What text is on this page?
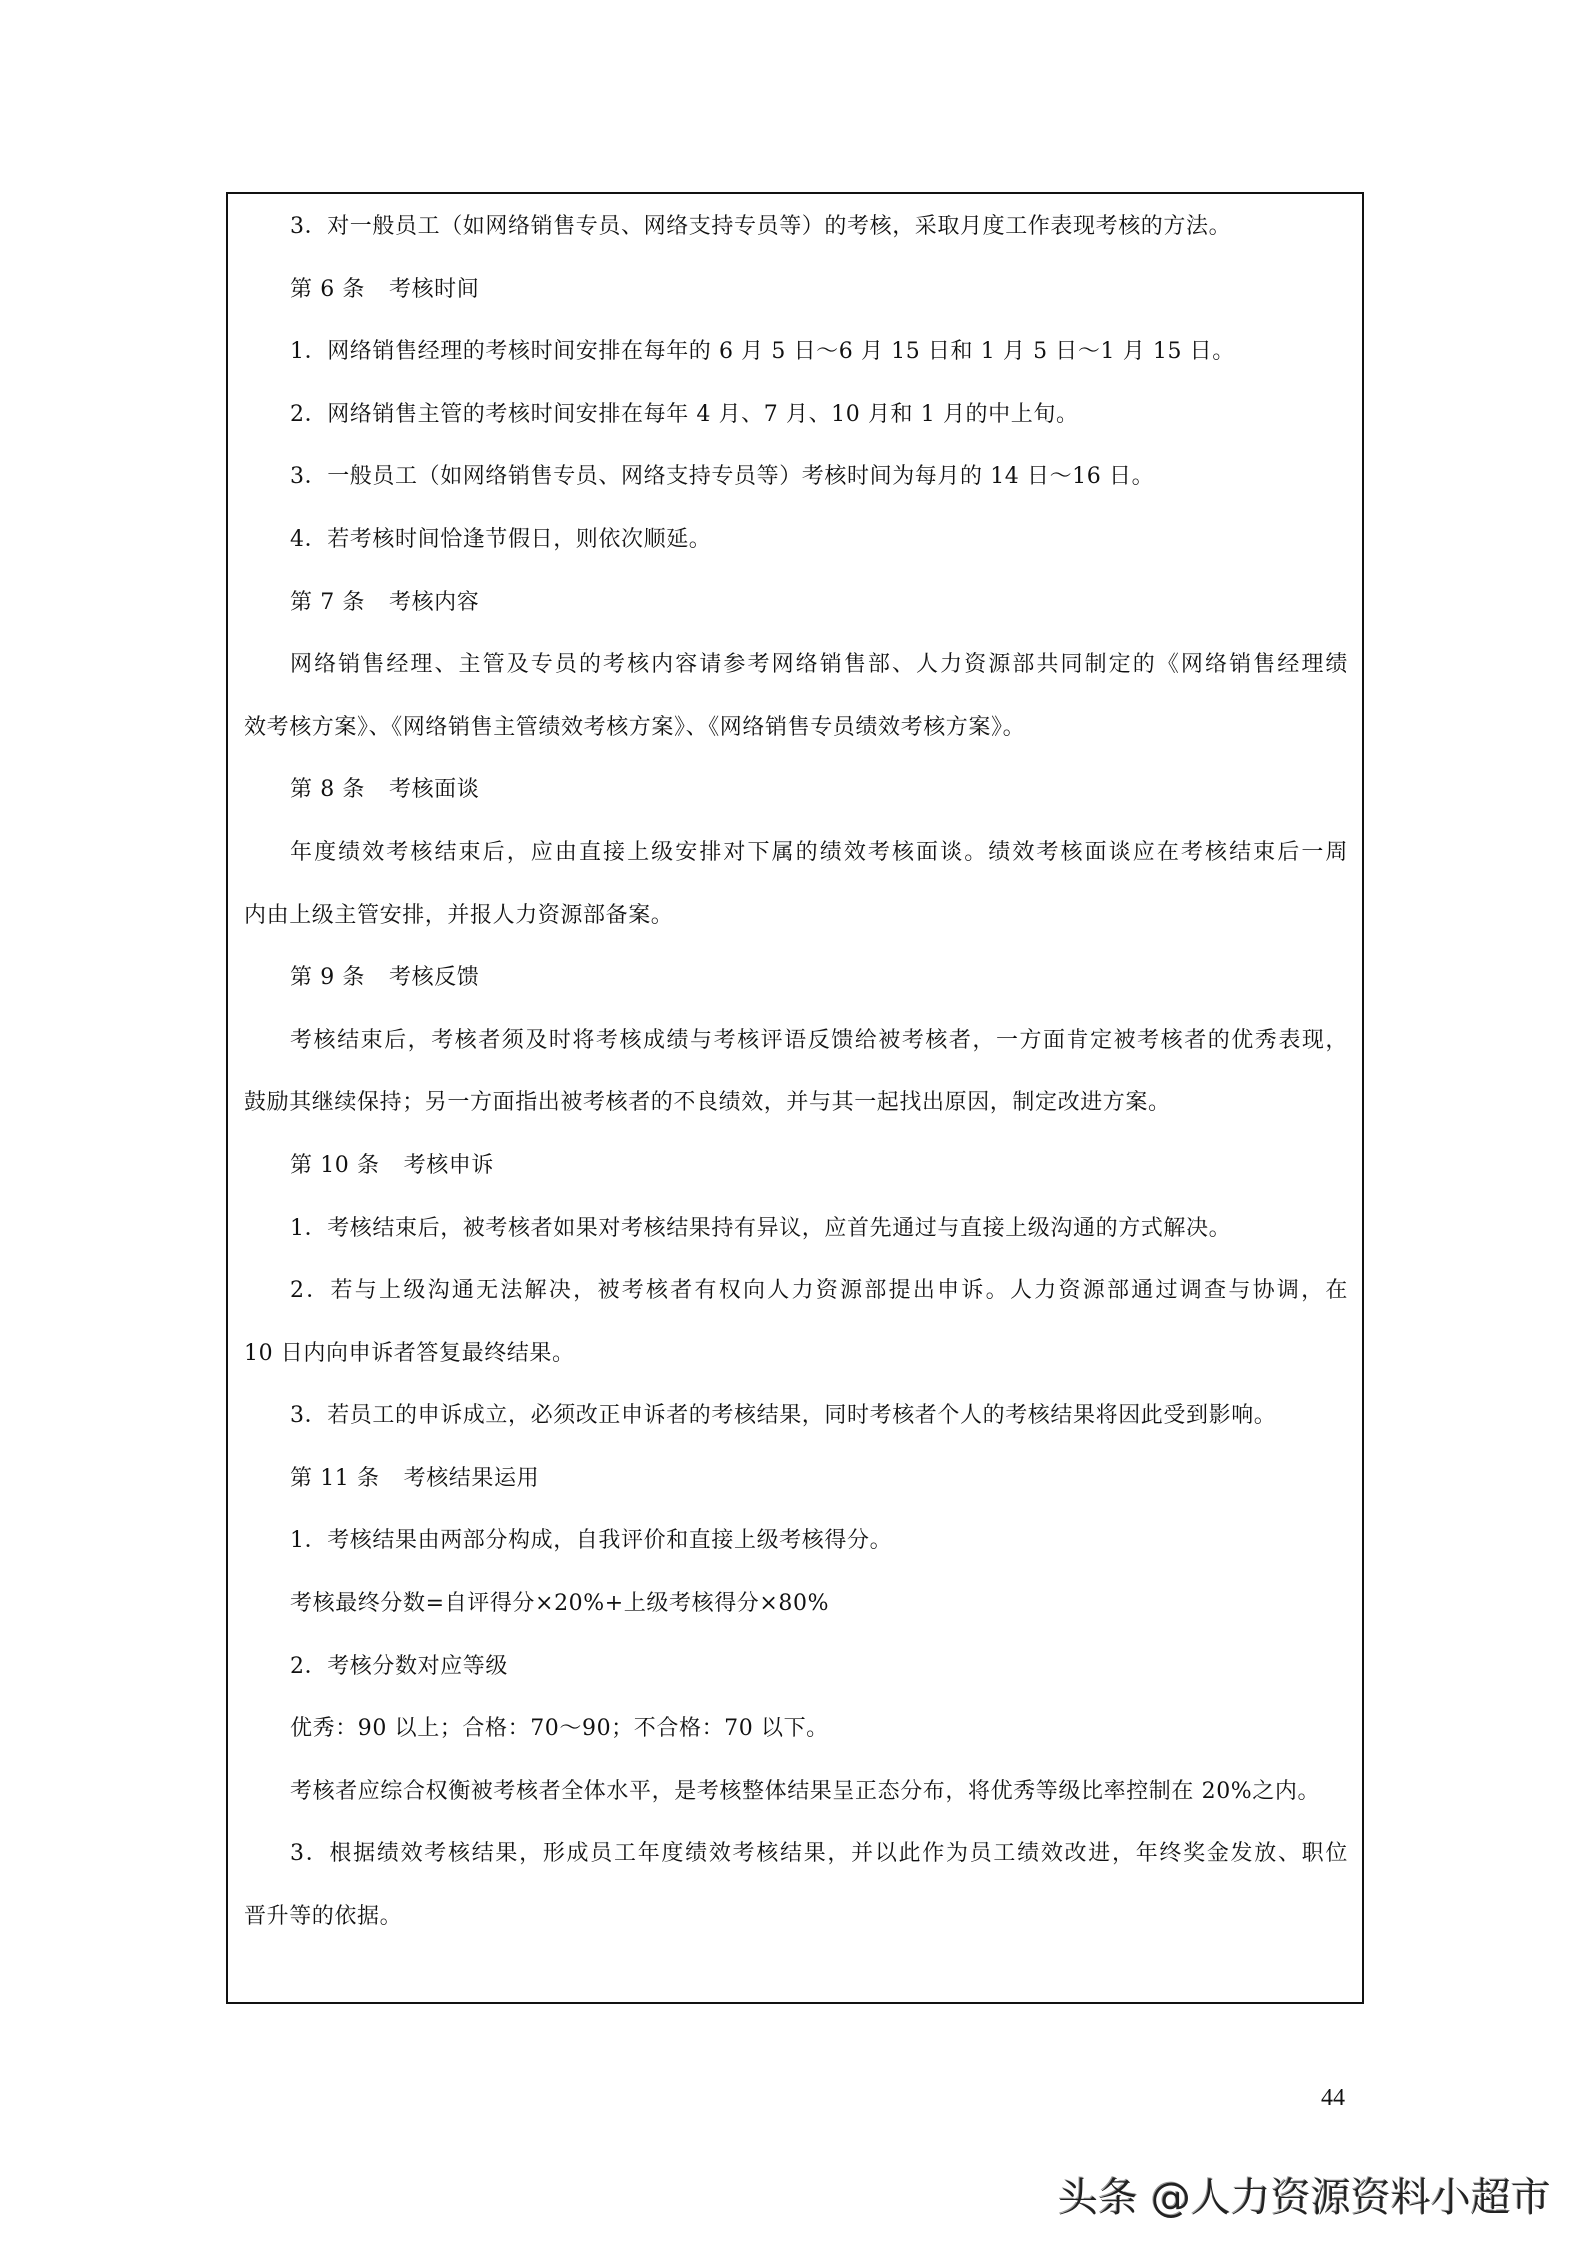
3．对一般员工（如网络销售专员、网络支持专员等）的考核，采取月度工作表现考核的方法。
第 6 条 考核时间
1．网络销售经理的考核时间安排在每年的 6 月 5 日～6 月 15 日和 1 月 5 日～1 月 15 日。
2．网络销售主管的考核时间安排在每年 4 月、7 月、10 月和 1 月的中上旬。
3．一般员工（如网络销售专员、网络支持专员等）考核时间为每月的 14 日～16 日。
4．若考核时间恰逢节假日，则依次顺延。
第 7 条 考核内容
网络销售经理、主管及专员的考核内容请参考网络销售部、人力资源部共同制定的《网络销售经理绩
效考核方案》、《网络销售主管绩效考核方案》、《网络销售专员绩效考核方案》。
第 8 条 考核面谈
年度绩效考核结束后，应由直接上级安排对下属的绩效考核面谈。绩效考核面谈应在考核结束后一周
内由上级主管安排，并报人力资源部备案。
第 9 条 考核反馈
考核结束后，考核者须及时将考核成绩与考核评语反馈给被考核者，一方面肯定被考核者的优秀表现，
鼓励其继续保持；另一方面指出被考核者的不良绩效，并与其一起找出原因，制定改进方案。
第 10 条 考核申诉
1．考核结束后，被考核者如果对考核结果持有异议，应首先通过与直接上级沟通的方式解决。
2．若与上级沟通无法解决，被考核者有权向人力资源部提出申诉。人力资源部通过调查与协调，在
10 日内向申诉者答复最终结果。
3．若员工的申诉成立，必须改正申诉者的考核结果，同时考核者个人的考核结果将因此受到影响。
第 11 条 考核结果运用
1．考核结果由两部分构成，自我评价和直接上级考核得分。
考核最终分数=自评得分×20%+上级考核得分×80%
2．考核分数对应等级
优秀：90 以上；合格：70～90；不合格：70 以下。
考核者应综合权衡被考核者全体水平，是考核整体结果呈正态分布，将优秀等级比率控制在 20%之内。
3．根据绩效考核结果，形成员工年度绩效考核结果，并以此作为员工绩效改进，年终奖金发放、职位
晋升等的依据。
44
头条 @人力资源资料小超市
